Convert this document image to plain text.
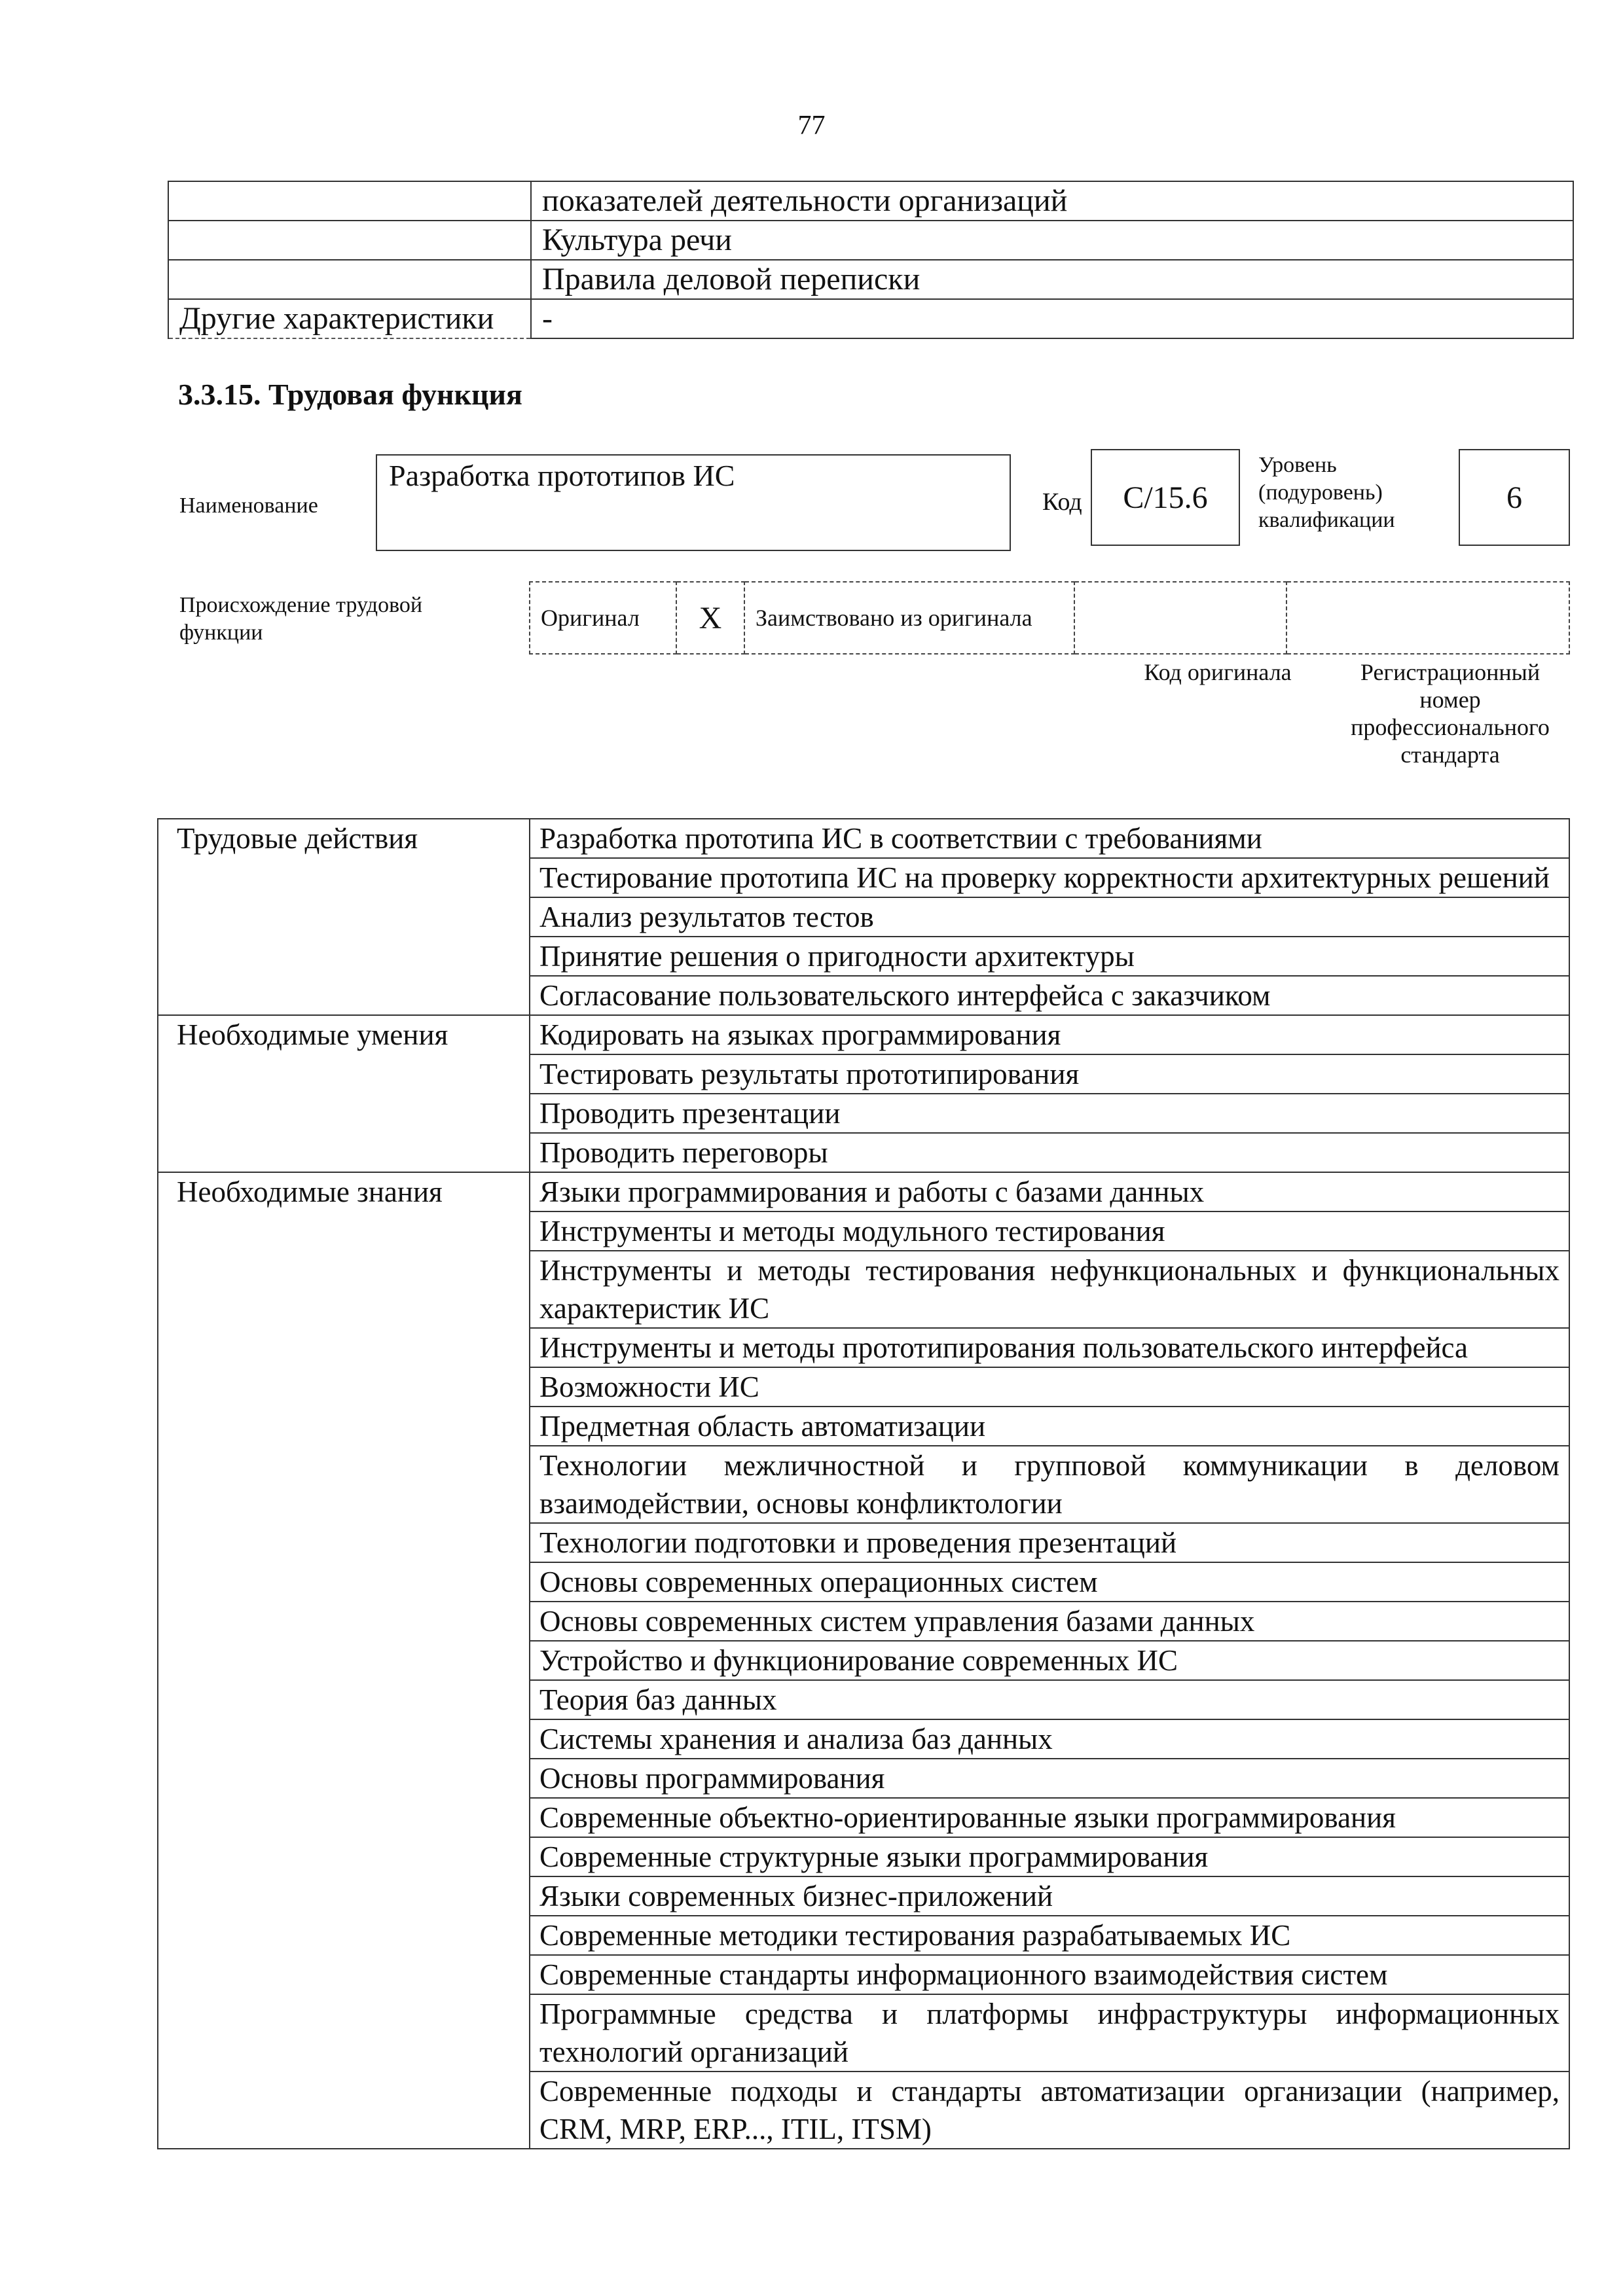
77
	показателей деятельности организаций
	Культура речи
	Правила деловой переписки
Другие характеристики	-
3.3.15. Трудовая функция
Наименование
Разработка прототипов ИС
Код	C/15.6
Уровень (подуровень) квалификации
6
Происхождение трудовой функции
Оригинал	X	Заимствовано из оригинала		
Код оригинала	Регистрационный номер профессионального стандарта
Трудовые действия	Разработка прототипа ИС в соответствии с требованиями
	Тестирование прототипа ИС на проверку корректности архитектурных решений
	Анализ результатов тестов
	Принятие решения о пригодности архитектуры
	Согласование пользовательского интерфейса с заказчиком
Необходимые умения	Кодировать на языках программирования
	Тестировать результаты прототипирования
	Проводить презентации
	Проводить переговоры
Необходимые знания	Языки программирования и работы с базами данных
	Инструменты и методы модульного тестирования
	Инструменты и методы тестирования нефункциональных и функциональных характеристик ИС
	Инструменты и методы прототипирования пользовательского интерфейса
	Возможности ИС
	Предметная область автоматизации
	Технологии межличностной и групповой коммуникации в деловом взаимодействии, основы конфликтологии
	Технологии подготовки и проведения презентаций
	Основы современных операционных систем
	Основы современных систем управления базами данных
	Устройство и функционирование современных ИС
	Теория баз данных
	Системы хранения и анализа баз данных
	Основы программирования
	Современные объектно-ориентированные языки программирования
	Современные структурные языки программирования
	Языки современных бизнес-приложений
	Современные методики тестирования разрабатываемых ИС
	Современные стандарты информационного взаимодействия систем
	Программные средства и платформы инфраструктуры информационных технологий организаций
	Современные подходы и стандарты автоматизации организации (например, CRM, MRP, ERP..., ITIL, ITSM)
